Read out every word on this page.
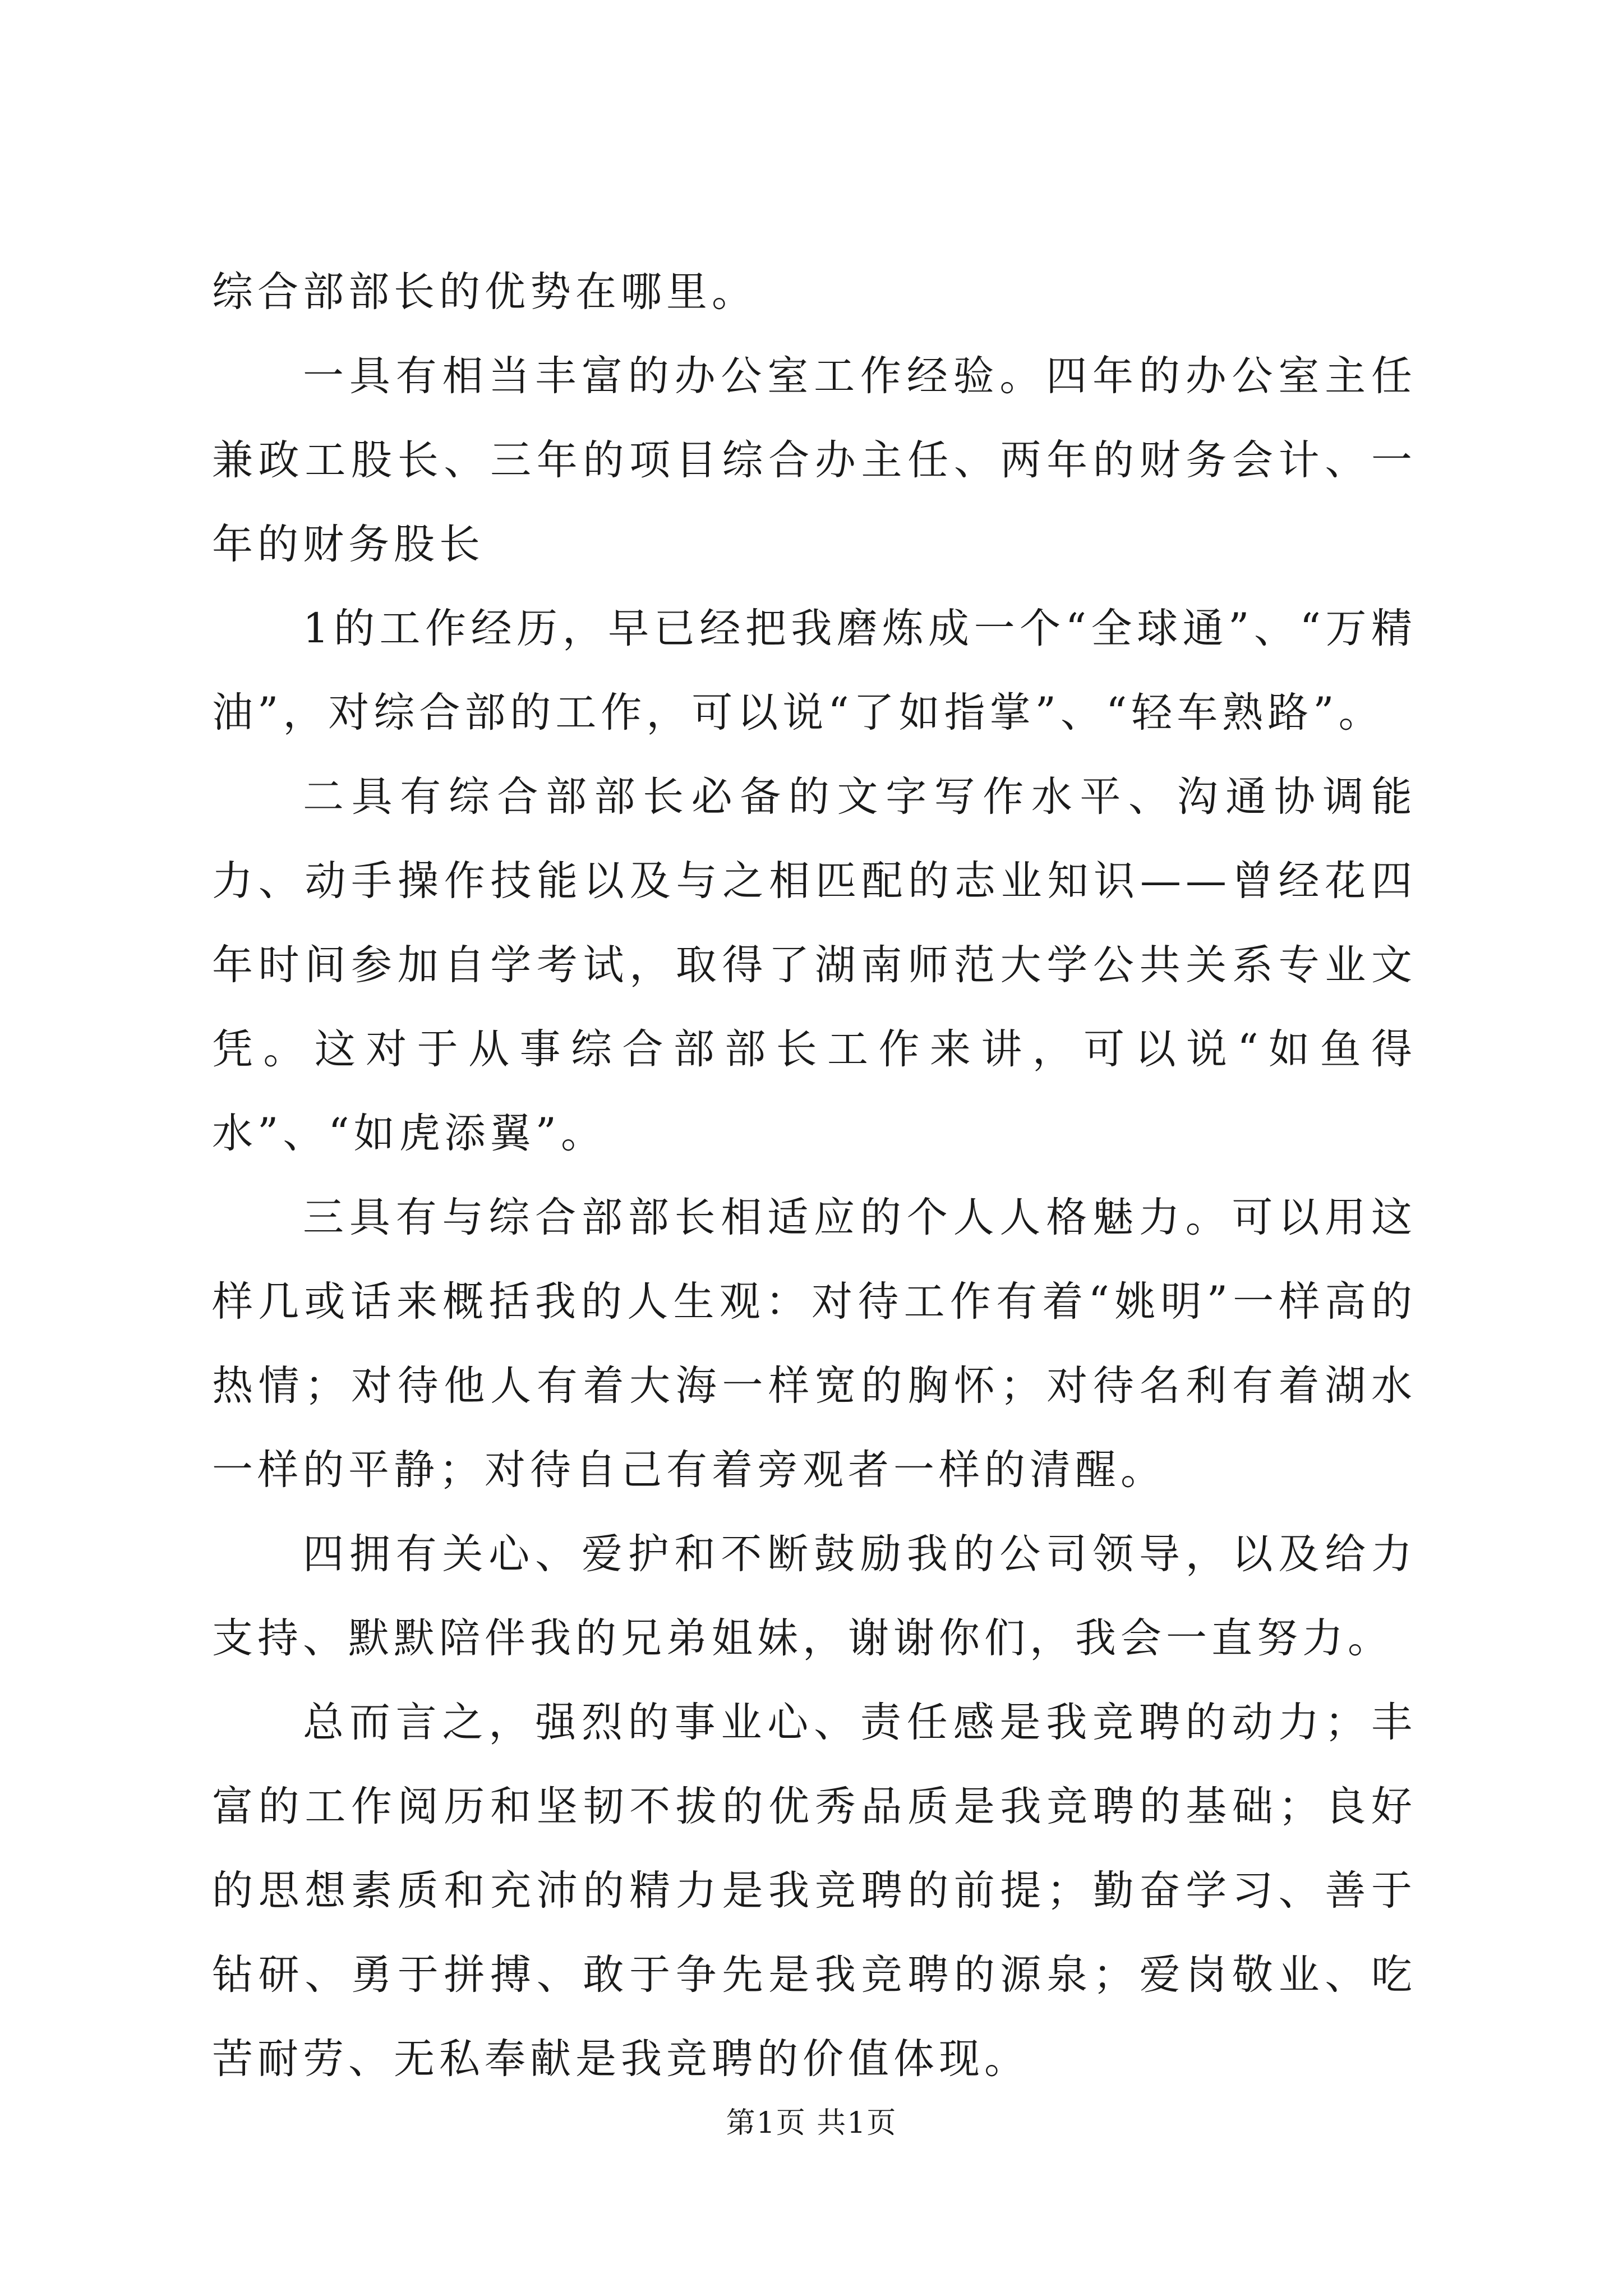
综合部部长的优势在哪里。

一具有相当丰富的办公室工作经验。四年的办公室主任兼政工股长、三年的项目综合办主任、两年的财务会计、一年的财务股长

1的工作经历，早已经把我磨炼成一个“全球通”、“万精油”，对综合部的工作，可以说“了如指掌”、“轻车熟路”。

二具有综合部部长必备的文字写作水平、沟通协调能力、动手操作技能以及与之相匹配的志业知识——曾经花四年时间参加自学考试，取得了湖南师范大学公共关系专业文凭。这对于从事综合部部长工作来讲，可以说“如鱼得水”、“如虎添翼”。

三具有与综合部部长相适应的个人人格魅力。可以用这样几或话来概括我的人生观：对待工作有着“姚明”一样高的热情；对待他人有着大海一样宽的胸怀；对待名利有着湖水一样的平静；对待自己有着旁观者一样的清醒。

四拥有关心、爱护和不断鼓励我的公司领导，以及给力支持、默默陪伴我的兄弟姐妹，谢谢你们，我会一直努力。

总而言之，强烈的事业心、责任感是我竞聘的动力；丰富的工作阅历和坚韧不拔的优秀品质是我竞聘的基础；良好的思想素质和充沛的精力是我竞聘的前提；勤奋学习、善于钻研、勇于拼搏、敢于争先是我竞聘的源泉；爱岗敬业、吃苦耐劳、无私奉献是我竞聘的价值体现。

第1页 共1页
